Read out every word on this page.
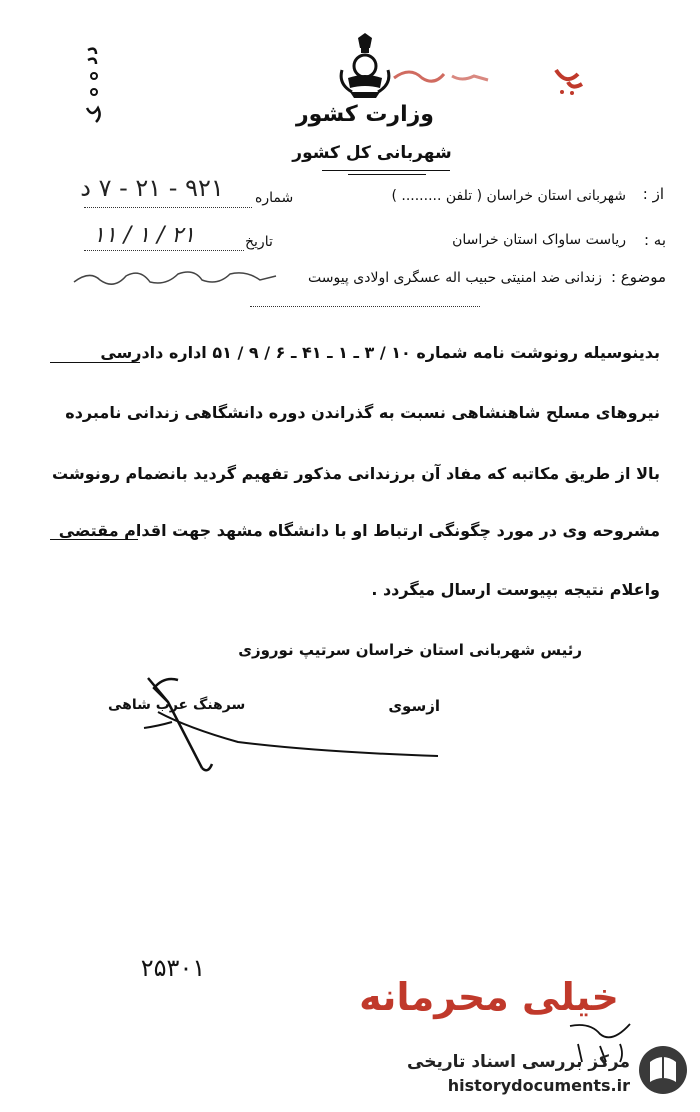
وزارت کشور
شهربانی کل کشور
از :
شهربانی استان خراسان ( تلفن ......... )
به :
ریاست ساواک استان خراسان
موضوع :
زندانی ضد امنیتی حبیب اله عسگری اولادی پیوست
شماره
تاریخ
۹۲۱ - ۲۱ - ۷ د
۱۱ / ۱ / ۲۱
بدینوسیله رونوشت نامه شماره ۱۰ / ۳ ـ ۱ ـ ۴۱ ـ ۶ / ۹ / ۵۱ اداره دادرسی
نیروهای مسلح شاهنشاهی نسبت به گذراندن دوره دانشگاهی زندانی نامبرده
بالا از طریق مکاتبه که مفاد آن برزندانی مذکور تفهیم گردید بانضمام رونوشت
مشروحه وی در مورد چگونگی ارتباط او با دانشگاه مشهد جهت اقدام مقتضی
واعلام نتیجه بپیوست ارسال میگردد .
رئیس شهربانی استان خراسان سرتیپ نوروزی
ازسوی
سرهنگ عرب شاهی
۲۵۳۰۱
خیلی محرمانه
مرکز بررسی اسناد تاریخی
historydocuments.ir
